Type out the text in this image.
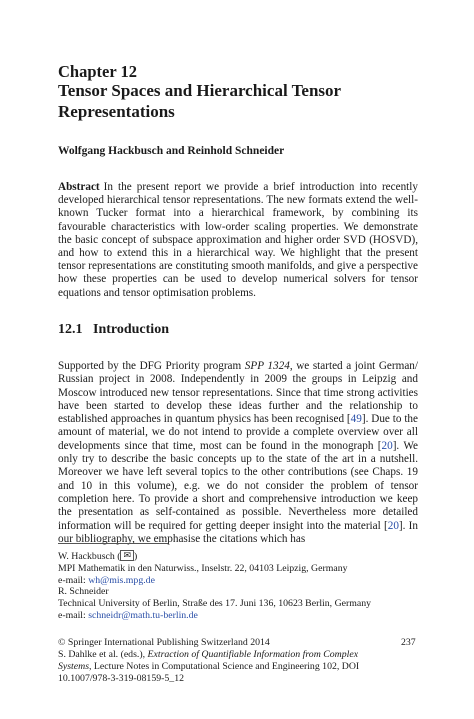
Chapter 12
Tensor Spaces and Hierarchical Tensor Representations
Wolfgang Hackbusch and Reinhold Schneider
Abstract In the present report we provide a brief introduction into recently developed hierarchical tensor representations. The new formats extend the well-known Tucker format into a hierarchical framework, by combining its favourable characteristics with low-order scaling properties. We demonstrate the basic concept of subspace approximation and higher order SVD (HOSVD), and how to extend this in a hierarchical way. We highlight that the present tensor representations are constituting smooth manifolds, and give a perspective how these properties can be used to develop numerical solvers for tensor equations and tensor optimisation problems.
12.1 Introduction
Supported by the DFG Priority program SPP 1324, we started a joint German/ Russian project in 2008. Independently in 2009 the groups in Leipzig and Moscow introduced new tensor representations. Since that time strong activities have been started to develop these ideas further and the relationship to established approaches in quantum physics has been recognised [49]. Due to the amount of material, we do not intend to provide a complete overview over all developments since that time, most can be found in the monograph [20]. We only try to describe the basic concepts up to the state of the art in a nutshell. Moreover we have left several topics to the other contributions (see Chaps. 19 and 10 in this volume), e.g. we do not consider the problem of tensor completion here. To provide a short and comprehensive introduction we keep the presentation as self-contained as possible. Nevertheless more detailed information will be required for getting deeper insight into the material [20]. In our bibliography, we emphasise the citations which has
W. Hackbusch ( ✉ )
MPI Mathematik in den Naturwiss., Inselstr. 22, 04103 Leipzig, Germany
e-mail: wh@mis.mpg.de
R. Schneider
Technical University of Berlin, Straße des 17. Juni 136, 10623 Berlin, Germany
e-mail: schneidr@math.tu-berlin.de
© Springer International Publishing Switzerland 2014
S. Dahlke et al. (eds.), Extraction of Quantifiable Information from Complex Systems, Lecture Notes in Computational Science and Engineering 102, DOI 10.1007/978-3-319-08159-5_12
237
